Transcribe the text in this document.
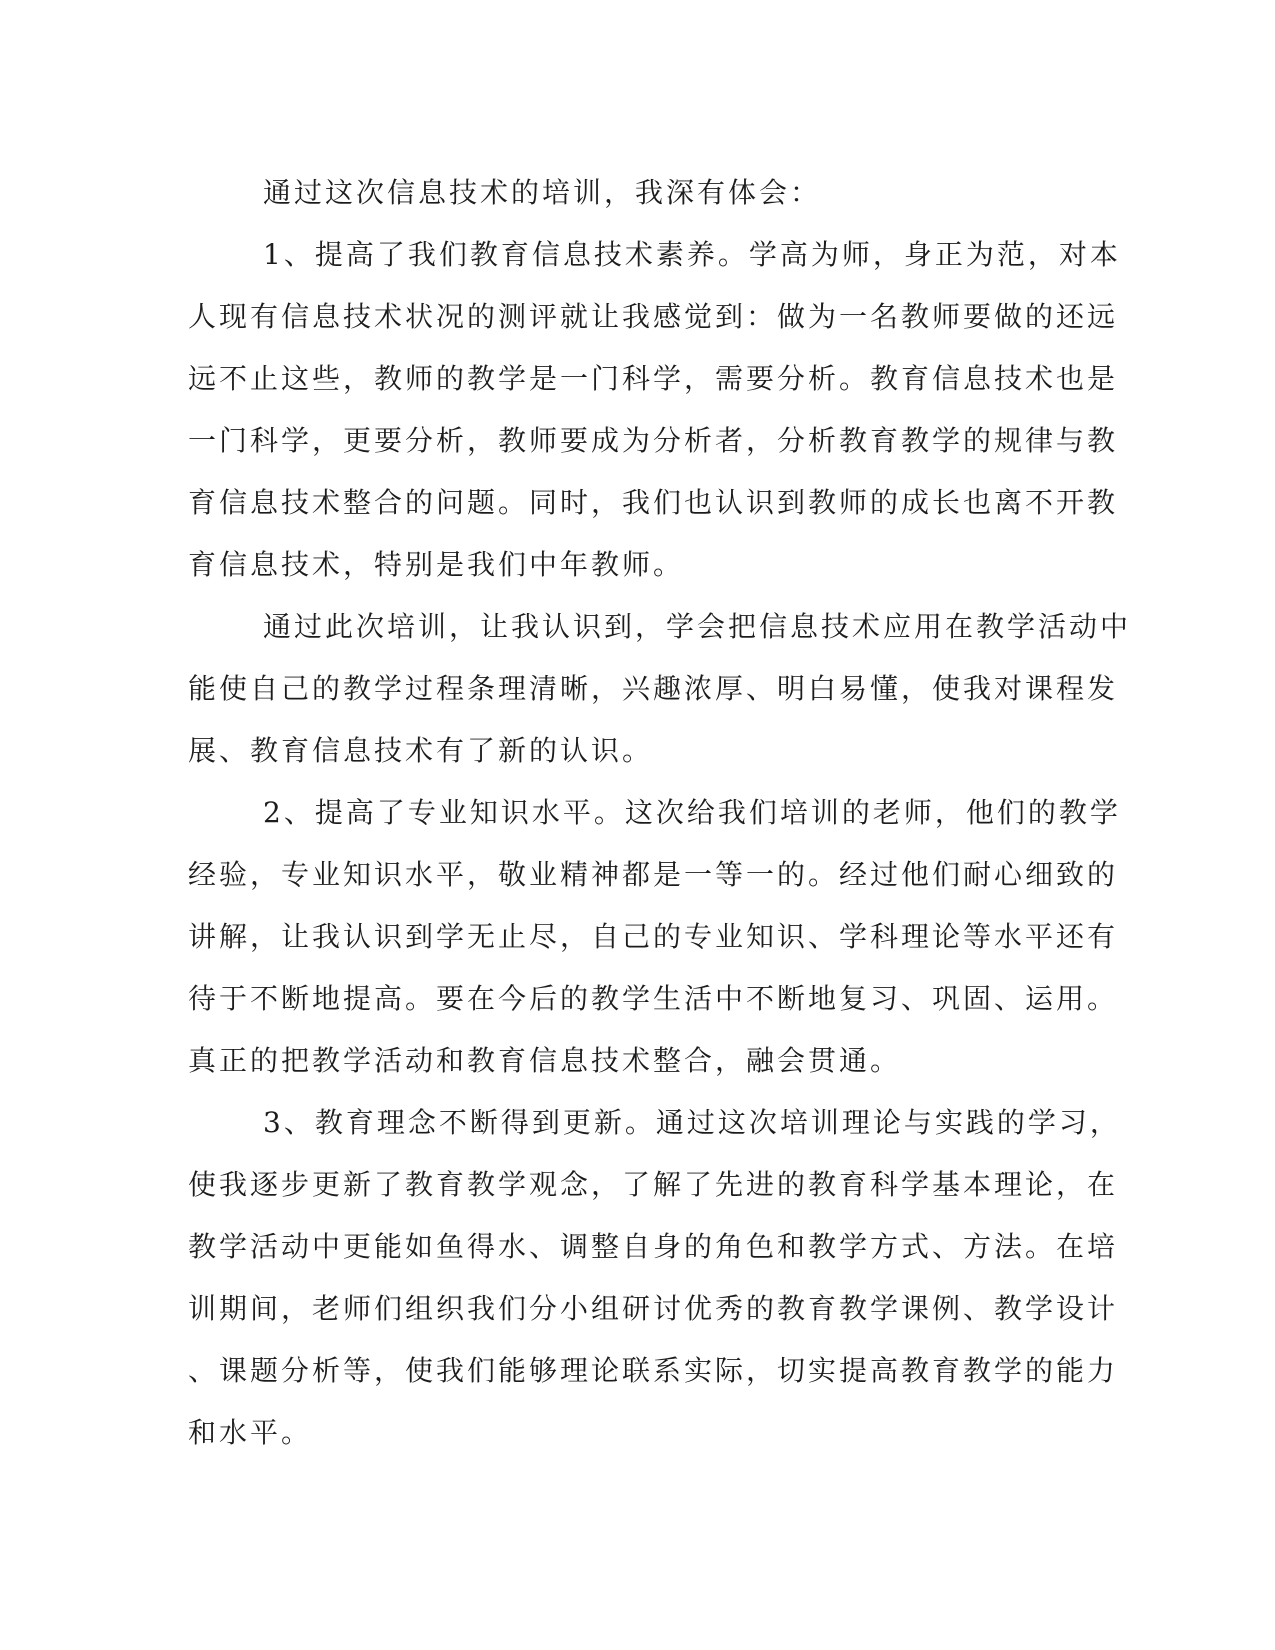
通过这次信息技术的培训，我深有体会：
1、提高了我们教育信息技术素养。学高为师，身正为范，对本
人现有信息技术状况的测评就让我感觉到：做为一名教师要做的还远
远不止这些，教师的教学是一门科学，需要分析。教育信息技术也是
一门科学，更要分析，教师要成为分析者，分析教育教学的规律与教
育信息技术整合的问题。同时，我们也认识到教师的成长也离不开教
育信息技术，特别是我们中年教师。
通过此次培训，让我认识到，学会把信息技术应用在教学活动中
能使自己的教学过程条理清晰，兴趣浓厚、明白易懂，使我对课程发
展、教育信息技术有了新的认识。
2、提高了专业知识水平。这次给我们培训的老师，他们的教学
经验，专业知识水平，敬业精神都是一等一的。经过他们耐心细致的
讲解，让我认识到学无止尽，自己的专业知识、学科理论等水平还有
待于不断地提高。要在今后的教学生活中不断地复习、巩固、运用。
真正的把教学活动和教育信息技术整合，融会贯通。
3、教育理念不断得到更新。通过这次培训理论与实践的学习，
使我逐步更新了教育教学观念，了解了先进的教育科学基本理论，在
教学活动中更能如鱼得水、调整自身的角色和教学方式、方法。在培
训期间，老师们组织我们分小组研讨优秀的教育教学课例、教学设计
、课题分析等，使我们能够理论联系实际，切实提高教育教学的能力
和水平。
